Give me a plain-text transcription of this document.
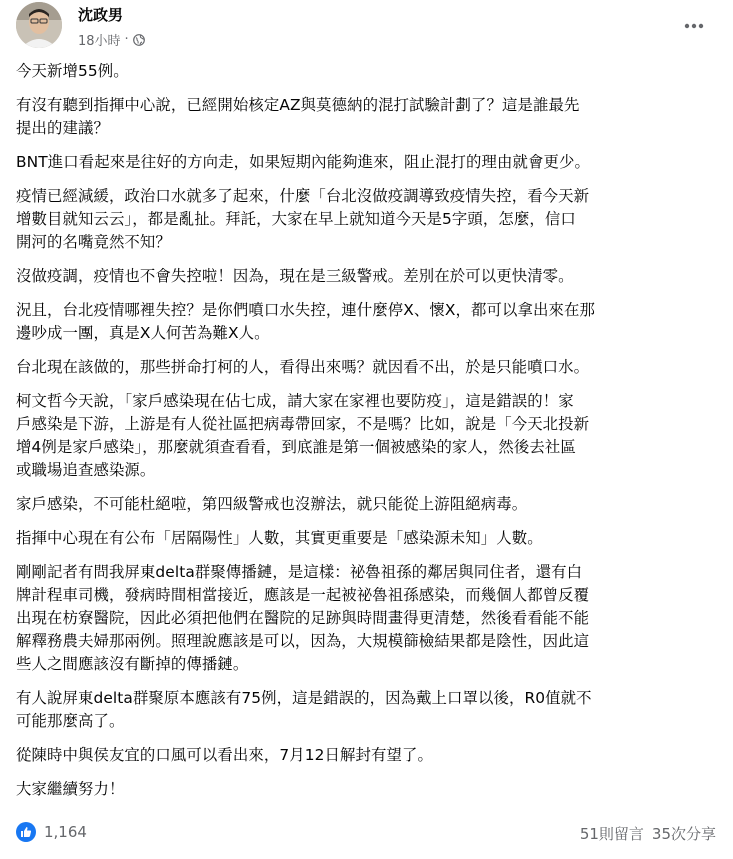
沈政男
18小時 ·

今天新增55例。

有沒有聽到指揮中心說，已經開始核定AZ與莫德納的混打試驗計劃了？這是誰最先
提出的建議？

BNT進口看起來是往好的方向走，如果短期內能夠進來，阻止混打的理由就會更少。

疫情已經減緩，政治口水就多了起來，什麼「台北沒做疫調導致疫情失控，看今天新
增數目就知云云」，都是亂扯。拜託，大家在早上就知道今天是5字頭，怎麼，信口
開河的名嘴竟然不知？

沒做疫調，疫情也不會失控啦！因為，現在是三級警戒。差別在於可以更快清零。

況且，台北疫情哪裡失控？是你們噴口水失控，連什麼停X、懷X，都可以拿出來在那
邊吵成一團，真是X人何苦為難X人。

台北現在該做的，那些拼命打柯的人，看得出來嗎？就因看不出，於是只能噴口水。

柯文哲今天說，「家戶感染現在佔七成，請大家在家裡也要防疫」，這是錯誤的！家
戶感染是下游，上游是有人從社區把病毒帶回家，不是嗎？比如，說是「今天北投新
增4例是家戶感染」，那麼就須查看看，到底誰是第一個被感染的家人，然後去社區
或職場追查感染源。

家戶感染，不可能杜絕啦，第四級警戒也沒辦法，就只能從上游阻絕病毒。

指揮中心現在有公布「居隔陽性」人數，其實更重要是「感染源未知」人數。

剛剛記者有問我屏東delta群聚傳播鏈，是這樣：祕魯祖孫的鄰居與同住者，還有白
牌計程車司機，發病時間相當接近，應該是一起被祕魯祖孫感染，而幾個人都曾反覆
出現在枋寮醫院，因此必須把他們在醫院的足跡與時間畫得更清楚，然後看看能不能
解釋務農夫婦那兩例。照理說應該是可以，因為，大規模篩檢結果都是陰性，因此這
些人之間應該沒有斷掉的傳播鏈。

有人說屏東delta群聚原本應該有75例，這是錯誤的，因為戴上口罩以後，R0值就不
可能那麼高了。

從陳時中與侯友宜的口風可以看出來，7月12日解封有望了。

大家繼續努力！

1,164	51則留言 35次分享
